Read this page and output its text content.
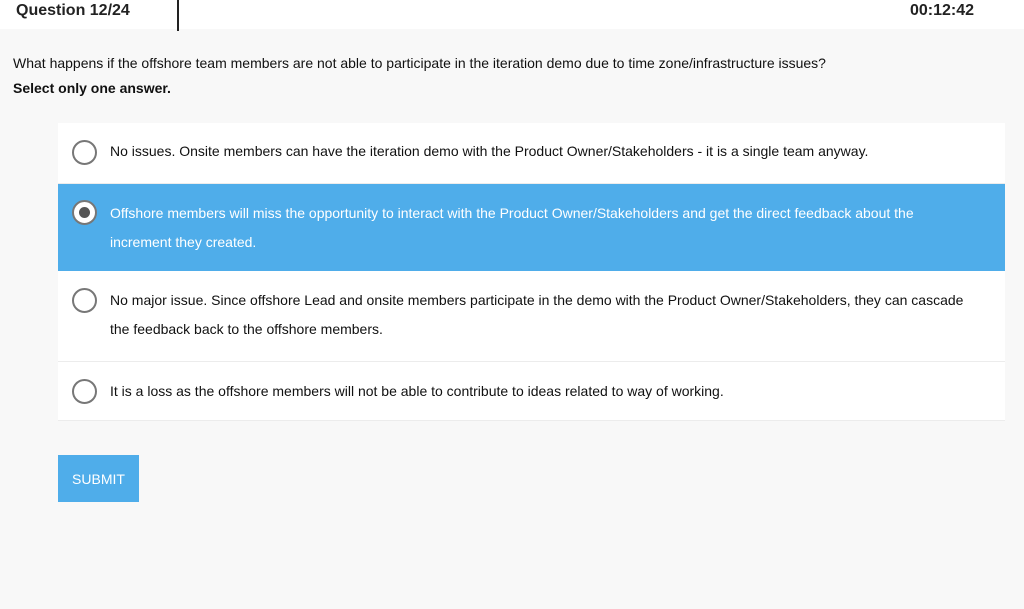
Question 12/24	00:12:42
What happens if the offshore team members are not able to participate in the iteration demo due to time zone/infrastructure issues?
Select only one answer.
No issues. Onsite members can have the iteration demo with the Product Owner/Stakeholders - it is a single team anyway.
Offshore members will miss the opportunity to interact with the Product Owner/Stakeholders and get the direct feedback about the increment they created.
No major issue. Since offshore Lead and onsite members participate in the demo with the Product Owner/Stakeholders, they can cascade the feedback back to the offshore members.
It is a loss as the offshore members will not be able to contribute to ideas related to way of working.
SUBMIT
